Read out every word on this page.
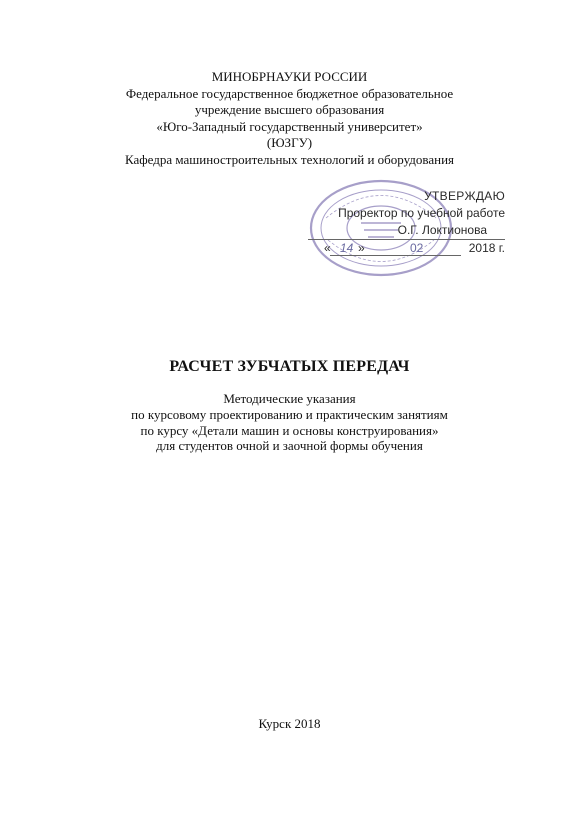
МИНОБРНАУКИ РОССИИ
Федеральное государственное бюджетное образовательное
учреждение высшего образования
«Юго-Западный государственный университет»
(ЮЗГУ)
Кафедра машиностроительных технологий и оборудования
УТВЕРЖДАЮ
Проректор по учебной работе
О.Г. Локтионова
« 14 »	02	2018 г.
РАСЧЕТ ЗУБЧАТЫХ ПЕРЕДАЧ
Методические указания
по курсовому проектированию и практическим занятиям
по курсу «Детали машин и основы конструирования»
для студентов очной и заочной формы обучения
Курск 2018
